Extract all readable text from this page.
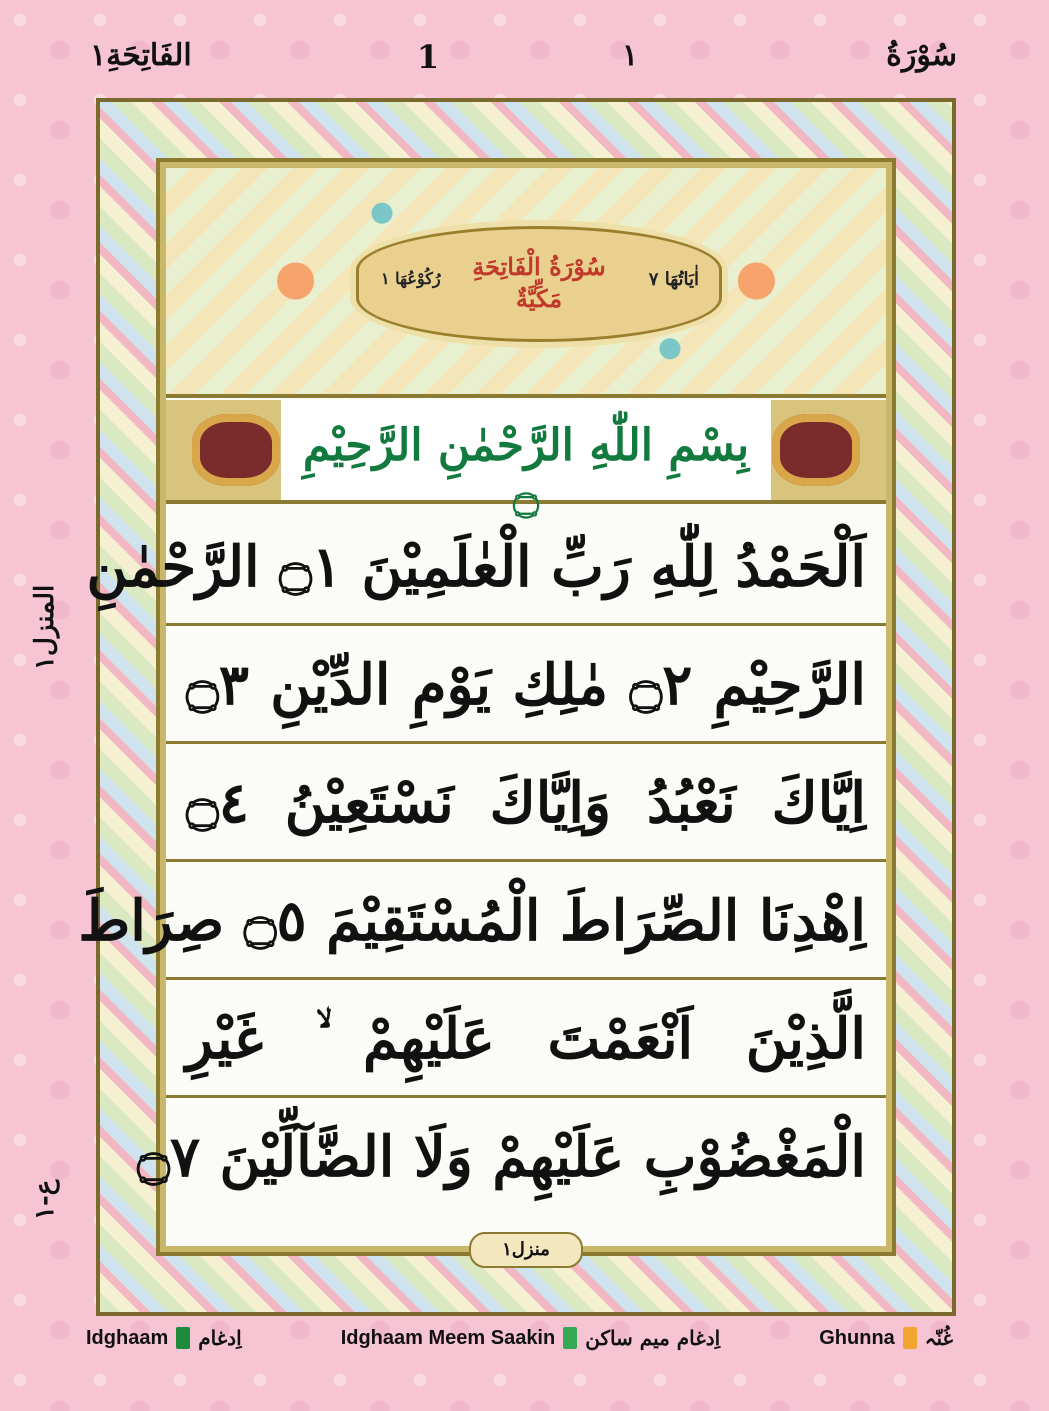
سُوْرَةُ
١
1
الفَاتِحَةِ١
المنزل١
ع-١
اٰيَاتُهَا ٧
سُوْرَةُ الْفَاتِحَةِ
مَكِّيَّةٌ
رُكُوْعُهَا ١
بِسْمِ اللّٰهِ الرَّحْمٰنِ الرَّحِيْمِ ۝
اَلْحَمْدُ لِلّٰهِ رَبِّ الْعٰلَمِيْنَ ۝١ الرَّحْمٰنِ
الرَّحِيْمِ ۝٢ مٰلِكِ يَوْمِ الدِّيْنِ ۝٣
اِيَّاكَ نَعْبُدُ وَاِيَّاكَ نَسْتَعِيْنُ ۝٤
اِهْدِنَا الصِّرَاطَ الْمُسْتَقِيْمَ ۝٥ صِرَاطَ
الَّذِيْنَ اَنْعَمْتَ عَلَيْهِمْ ۙ غَيْرِ
الْمَغْضُوْبِ عَلَيْهِمْ وَلَا الضَّآلِّيْنَ ۝٧
منزل١
Ghunna غُنّہ
Idghaam Meem Saakin اِدغام میم ساکن
Idghaam اِدغام
